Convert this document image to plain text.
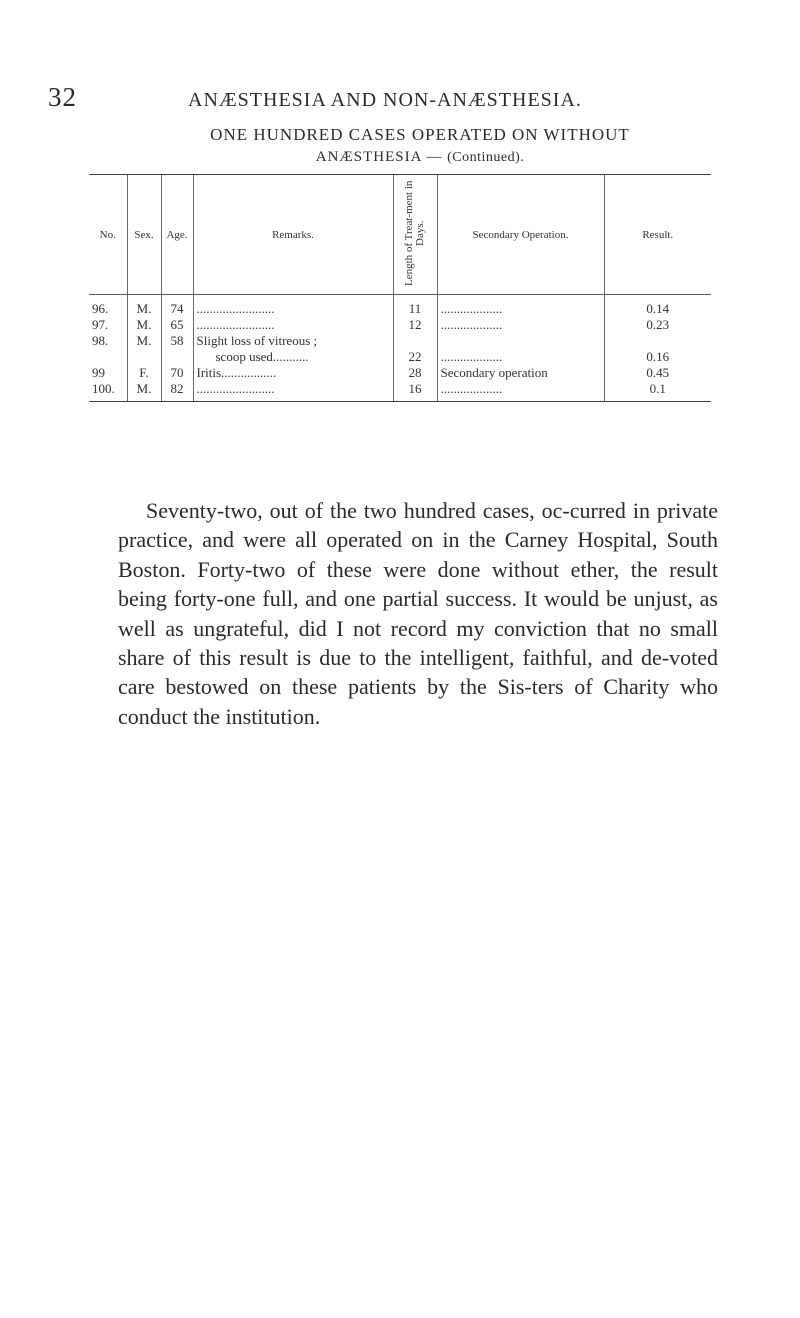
32	ANÆSTHESIA AND NON-ANÆSTHESIA.
ONE HUNDRED CASES OPERATED ON WITHOUT
ANÆSTHESIA — (Continued).
No.	Sex.	Age.	Remarks.	Length of Treat-ment in Days.	Secondary Operation.	Result.
96.	M.	74	........................	11	...................	0.14
97.	M.	65	........................	12	...................	0.23
98.	M.	58	Slight loss of vitreous ;			
			scoop used...........	22	...................	0.16
99	F.	70	Iritis.................	28	Secondary operation	0.45
100.	M.	82	........................	16	...................	0.1

Seventy-two, out of the two hundred cases, oc-curred in private practice, and were all operated on in the Carney Hospital, South Boston. Forty-two of these were done without ether, the result being forty-one full, and one partial success. It would be unjust, as well as ungrateful, did I not record my conviction that no small share of this result is due to the intelligent, faithful, and de-voted care bestowed on these patients by the Sis-ters of Charity who conduct the institution.
